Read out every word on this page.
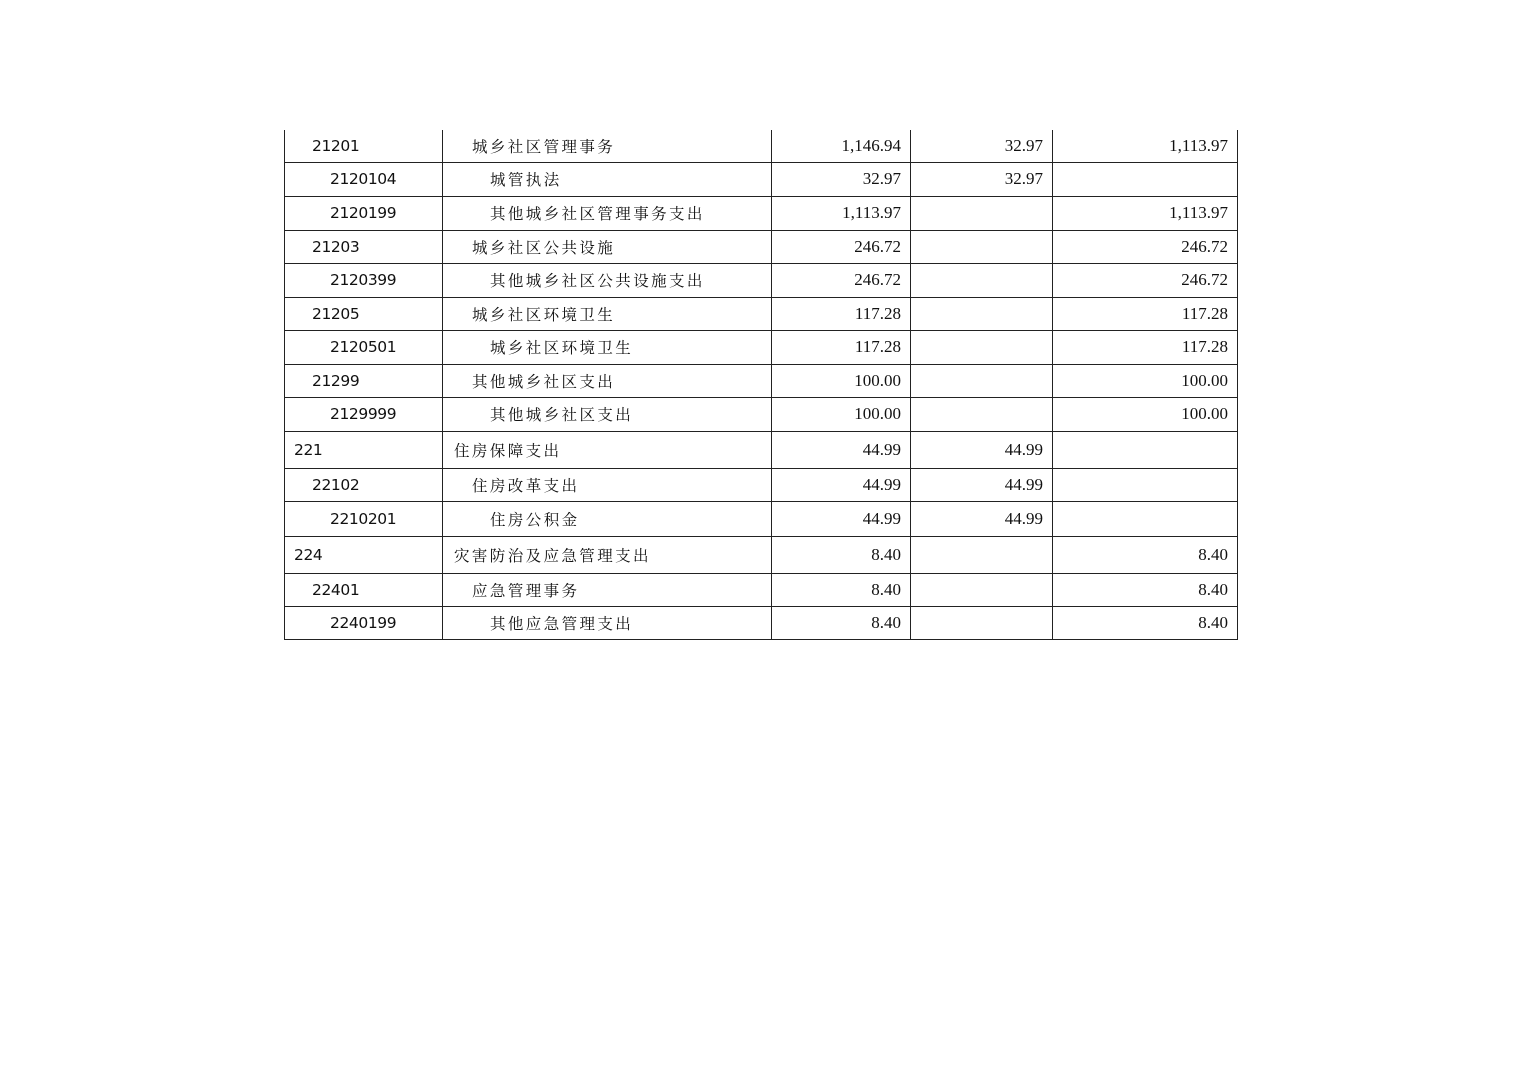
21201	城乡社区管理事务	1,146.94	32.97	1,113.97
2120104	城管执法	32.97	32.97	
2120199	其他城乡社区管理事务支出	1,113.97		1,113.97
21203	城乡社区公共设施	246.72		246.72
2120399	其他城乡社区公共设施支出	246.72		246.72
21205	城乡社区环境卫生	117.28		117.28
2120501	城乡社区环境卫生	117.28		117.28
21299	其他城乡社区支出	100.00		100.00
2129999	其他城乡社区支出	100.00		100.00
221	住房保障支出	44.99	44.99	
22102	住房改革支出	44.99	44.99	
2210201	住房公积金	44.99	44.99	
224	灾害防治及应急管理支出	8.40		8.40
22401	应急管理事务	8.40		8.40
2240199	其他应急管理支出	8.40		8.40
